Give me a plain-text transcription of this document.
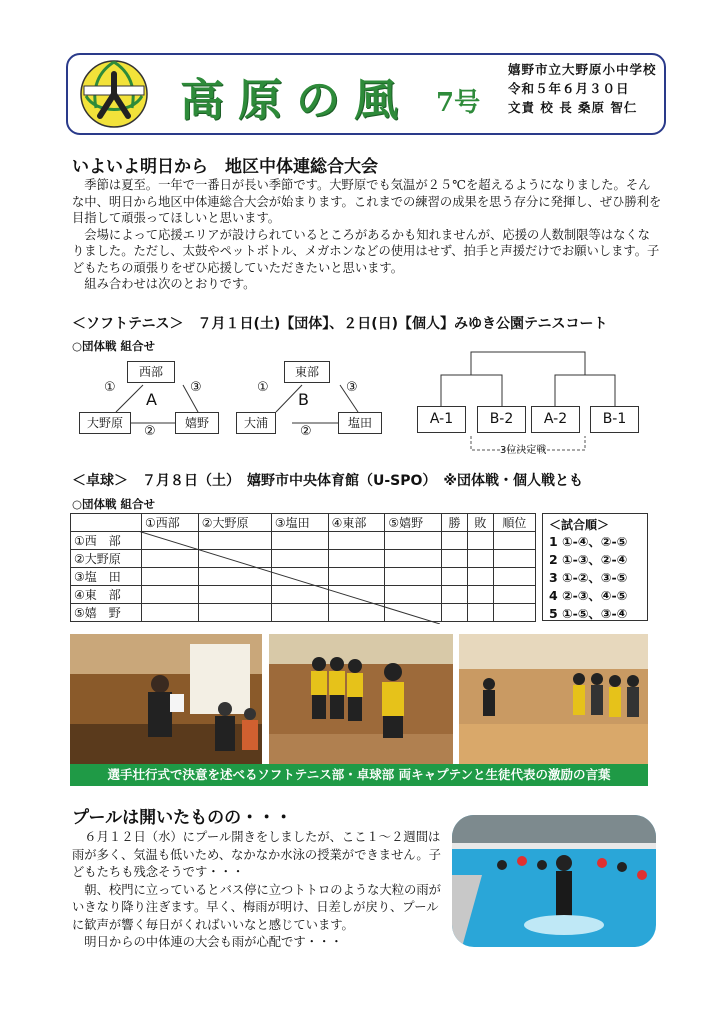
高原の風 7号
嬉野市立大野原小中学校
令和５年６月３０日
文責 校 長 桑原 智仁
いよいよ明日から　地区中体連総合大会

季節は夏至。一年で一番日が長い季節です。大野原でも気温が２５℃を超えるようになりました。そんな中、明日から地区中体連総合大会が始まります。これまでの練習の成果を思う存分に発揮し、ぜひ勝利を目指して頑張ってほしいと思います。

会場によって応援エリアが設けられているところがあるかも知れませんが、応援の人数制限等はなくなりました。ただし、太鼓やペットボトル、メガホンなどの使用はせず、拍手と声援だけでお願いします。子どもたちの頑張りをぜひ応援していただきたいと思います。

組み合わせは次のとおりです。

＜ソフトテニス＞　７月１日(土)【団体】、２日(日)【個人】みゆき公園テニスコート
○団体戦 組合せ
西部
大野原	嬉野
A
①	③
②
東部
大浦	塩田
B
①	③
②
A-1	B-2	A-2	B-1
3位決定戦
＜卓球＞　７月８日（土）　嬉野市中央体育館（U-SPO）　※団体戦・個人戦とも
○団体戦 組合せ
	①西部	②大野原	③塩田	④東部	⑤嬉野	勝	敗	順位
①西　部								
②大野原								
③塩　田								
④東　部								
⑤嬉　野								
＜試合順＞
1 ①-④、②-⑤
2 ①-③、②-④
3 ①-②、③-⑤
4 ②-③、④-⑤
5 ①-⑤、③-④
選手壮行式で決意を述べるソフトテニス部・卓球部 両キャプテンと生徒代表の激励の言葉
プールは開いたものの・・・

６月１２日（水）にプール開きをしましたが、ここ１～２週間は雨が多く、気温も低いため、なかなか水泳の授業ができません。子どもたちも残念そうです・・・

朝、校門に立っているとバス停に立つトトロのような大粒の雨がいきなり降り注ぎます。早く、梅雨が明け、日差しが戻り、プールに歓声が響く毎日がくればいいなと感じています。

明日からの中体連の大会も雨が心配です・・・
